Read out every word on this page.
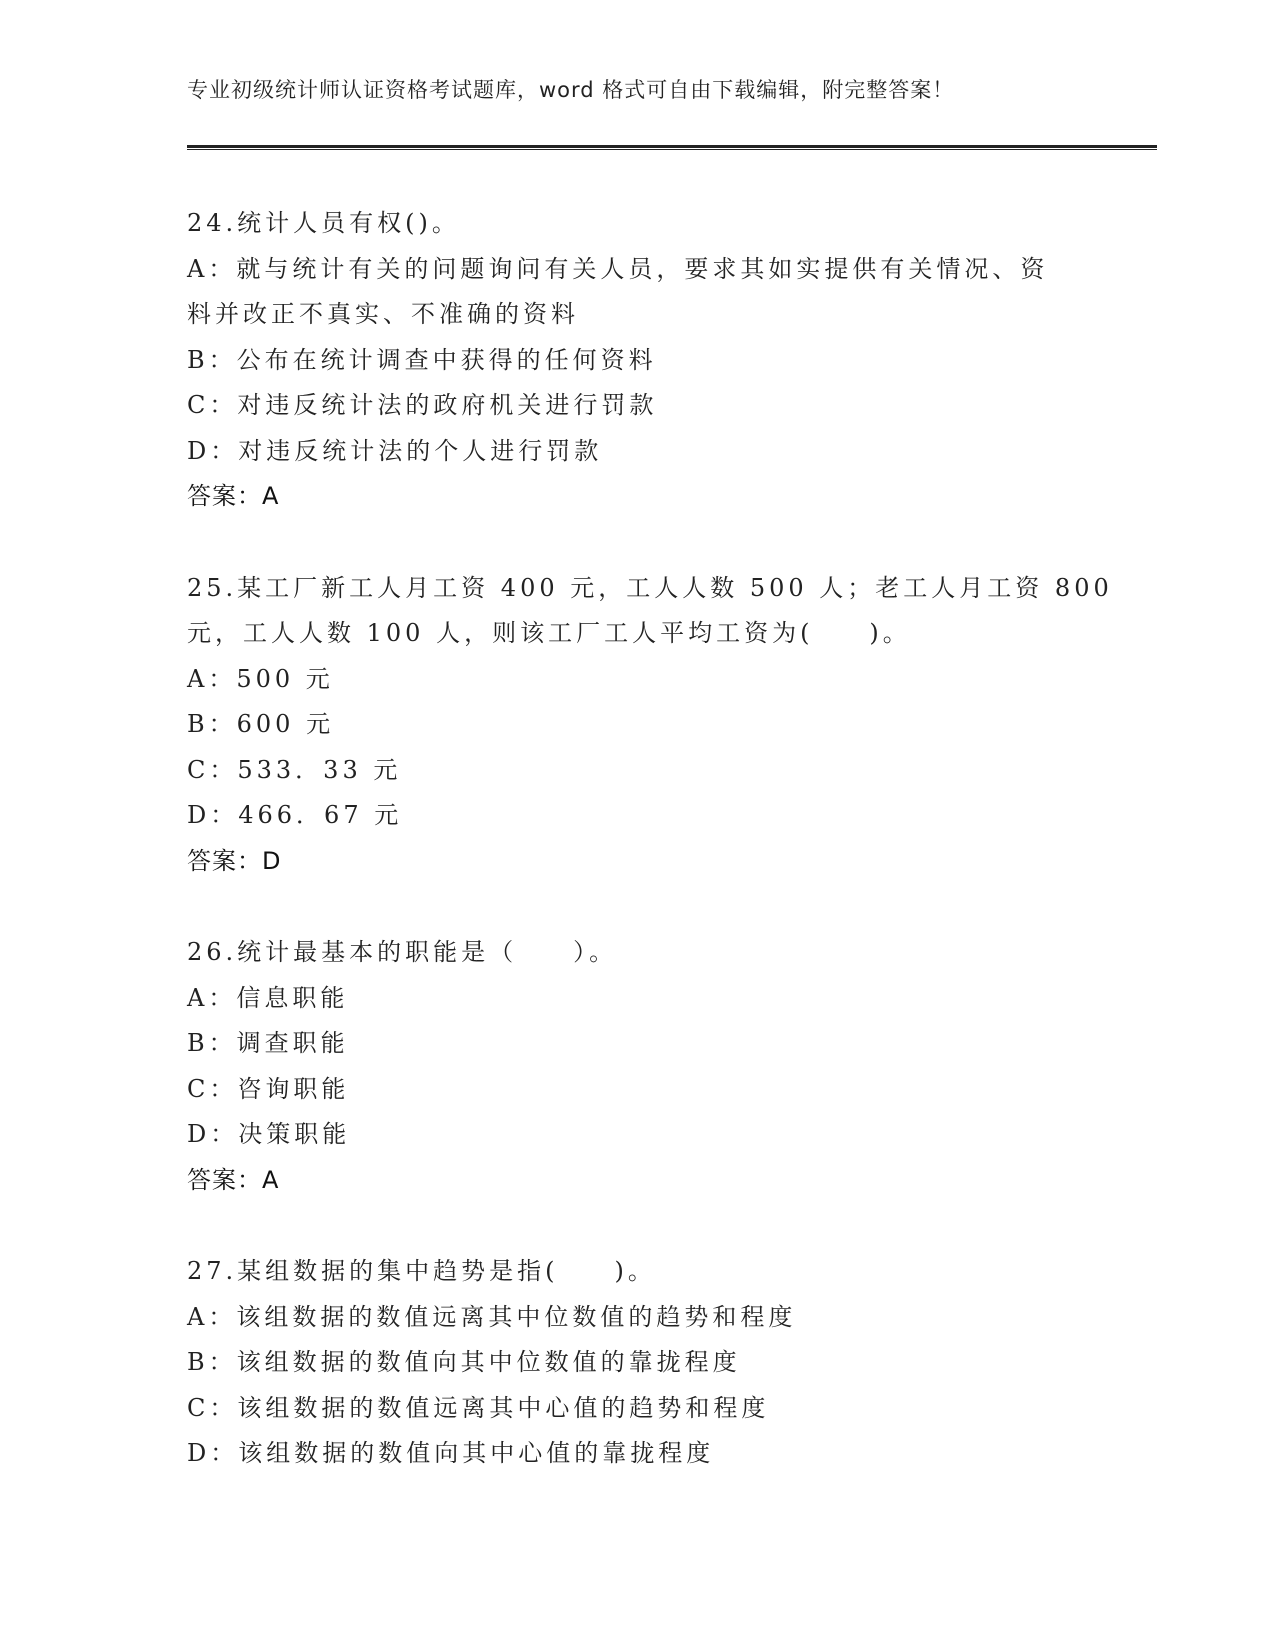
专业初级统计师认证资格考试题库，word 格式可自由下载编辑，附完整答案！
24.统计人员有权()。
A：就与统计有关的问题询问有关人员，要求其如实提供有关情况、资
料并改正不真实、不准确的资料
B：公布在统计调查中获得的任何资料
C：对违反统计法的政府机关进行罚款
D：对违反统计法的个人进行罚款
答案：A
25.某工厂新工人月工资 400 元，工人人数 500 人；老工人月工资 800
元，工人人数 100 人，则该工厂工人平均工资为(　　)。
A：500 元
B：600 元
C：533．33 元
D：466．67 元
答案：D
26.统计最基本的职能是（　　）。
A：信息职能
B：调查职能
C：咨询职能
D：决策职能
答案：A
27.某组数据的集中趋势是指(　　)。
A：该组数据的数值远离其中位数值的趋势和程度
B：该组数据的数值向其中位数值的靠拢程度
C：该组数据的数值远离其中心值的趋势和程度
D：该组数据的数值向其中心值的靠拢程度
